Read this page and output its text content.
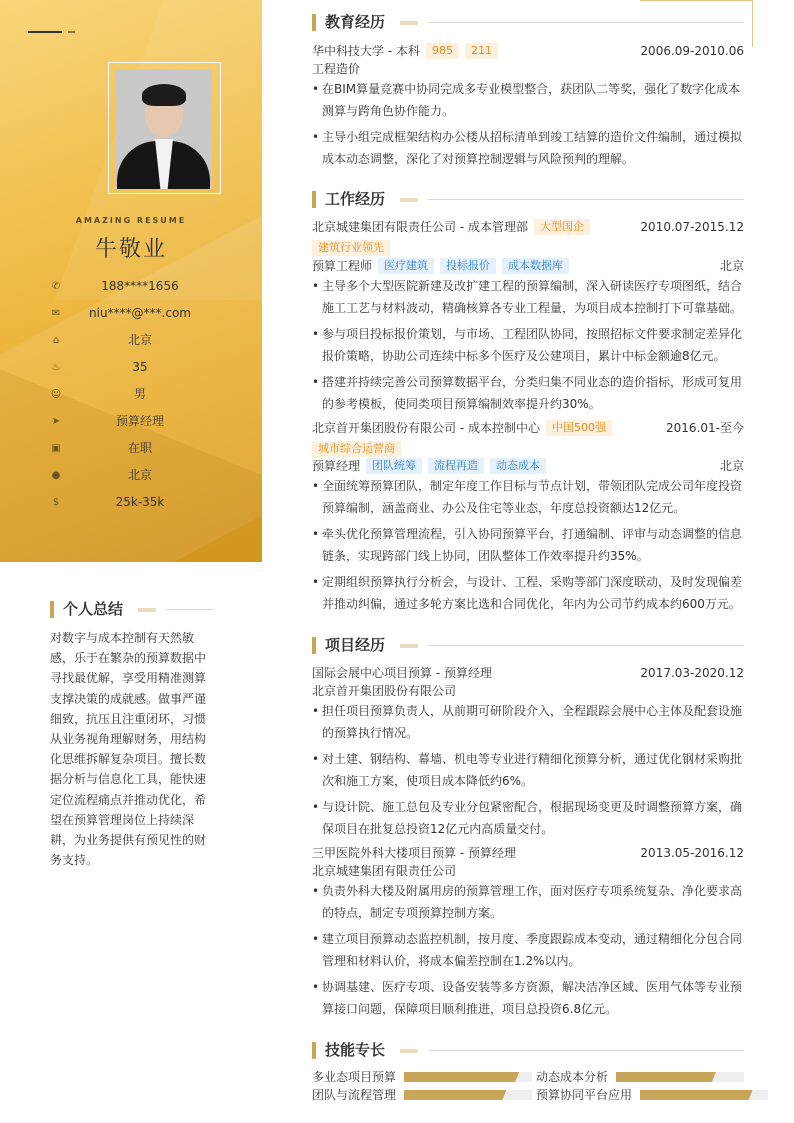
AMAZING RESUME
牛敬业
✆	188****1656
✉	niu****@***.com
⌂	北京
♨	35
☺	男
➤	预算经理
▣	在职
●	北京
$	25k-35k
个人总结
对数字与成本控制有天然敏感，乐于在繁杂的预算数据中寻找最优解，享受用精准测算支撑决策的成就感。做事严谨细致，抗压且注重闭环，习惯从业务视角理解财务，用结构化思维拆解复杂项目。擅长数据分析与信息化工具，能快速定位流程痛点并推动优化，希望在预算管理岗位上持续深耕，为业务提供有预见性的财务支持。
教育经历
华中科技大学 - 本科 985 211	2006.09-2010.06
工程造价
• 在BIM算量竞赛中协同完成多专业模型整合，获团队二等奖，强化了数字化成本测算与跨角色协作能力。
• 主导小组完成框架结构办公楼从招标清单到竣工结算的造价文件编制，通过模拟成本动态调整，深化了对预算控制逻辑与风险预判的理解。
工作经历
北京城建集团有限责任公司 - 成本管理部 大型国企	2010.07-2015.12
建筑行业领先
预算工程师 医疗建筑 投标报价 成本数据库	北京
• 主导多个大型医院新建及改扩建工程的预算编制，深入研读医疗专项图纸，结合施工工艺与材料波动，精确核算各专业工程量，为项目成本控制打下可靠基础。
• 参与项目投标报价策划，与市场、工程团队协同，按照招标文件要求制定差异化报价策略，协助公司连续中标多个医疗及公建项目，累计中标金额逾8亿元。
• 搭建并持续完善公司预算数据平台，分类归集不同业态的造价指标，形成可复用的参考模板，使同类项目预算编制效率提升约30%。
北京首开集团股份有限公司 - 成本控制中心 中国500强	2016.01-至今
城市综合运营商
预算经理 团队统筹 流程再造 动态成本	北京
• 全面统筹预算团队，制定年度工作目标与节点计划，带领团队完成公司年度投资预算编制，涵盖商业、办公及住宅等业态，年度总投资额达12亿元。
• 牵头优化预算管理流程，引入协同预算平台，打通编制、评审与动态调整的信息链条，实现跨部门线上协同，团队整体工作效率提升约35%。
• 定期组织预算执行分析会，与设计、工程、采购等部门深度联动，及时发现偏差并推动纠偏，通过多轮方案比选和合同优化，年内为公司节约成本约600万元。
项目经历
国际会展中心项目预算 - 预算经理	2017.03-2020.12
北京首开集团股份有限公司
• 担任项目预算负责人，从前期可研阶段介入，全程跟踪会展中心主体及配套设施的预算执行情况。
• 对土建、钢结构、幕墙、机电等专业进行精细化预算分析，通过优化钢材采购批次和施工方案，使项目成本降低约6%。
• 与设计院、施工总包及专业分包紧密配合，根据现场变更及时调整预算方案，确保项目在批复总投资12亿元内高质量交付。
三甲医院外科大楼项目预算 - 预算经理	2013.05-2016.12
北京城建集团有限责任公司
• 负责外科大楼及附属用房的预算管理工作，面对医疗专项系统复杂、净化要求高的特点，制定专项预算控制方案。
• 建立项目预算动态监控机制，按月度、季度跟踪成本变动，通过精细化分包合同管理和材料认价，将成本偏差控制在1.2%以内。
• 协调基建、医疗专项、设备安装等多方资源，解决洁净区域、医用气体等专业预算接口问题，保障项目顺利推进，项目总投资6.8亿元。
技能专长
多业态项目预算	动态成本分析
团队与流程管理	预算协同平台应用
